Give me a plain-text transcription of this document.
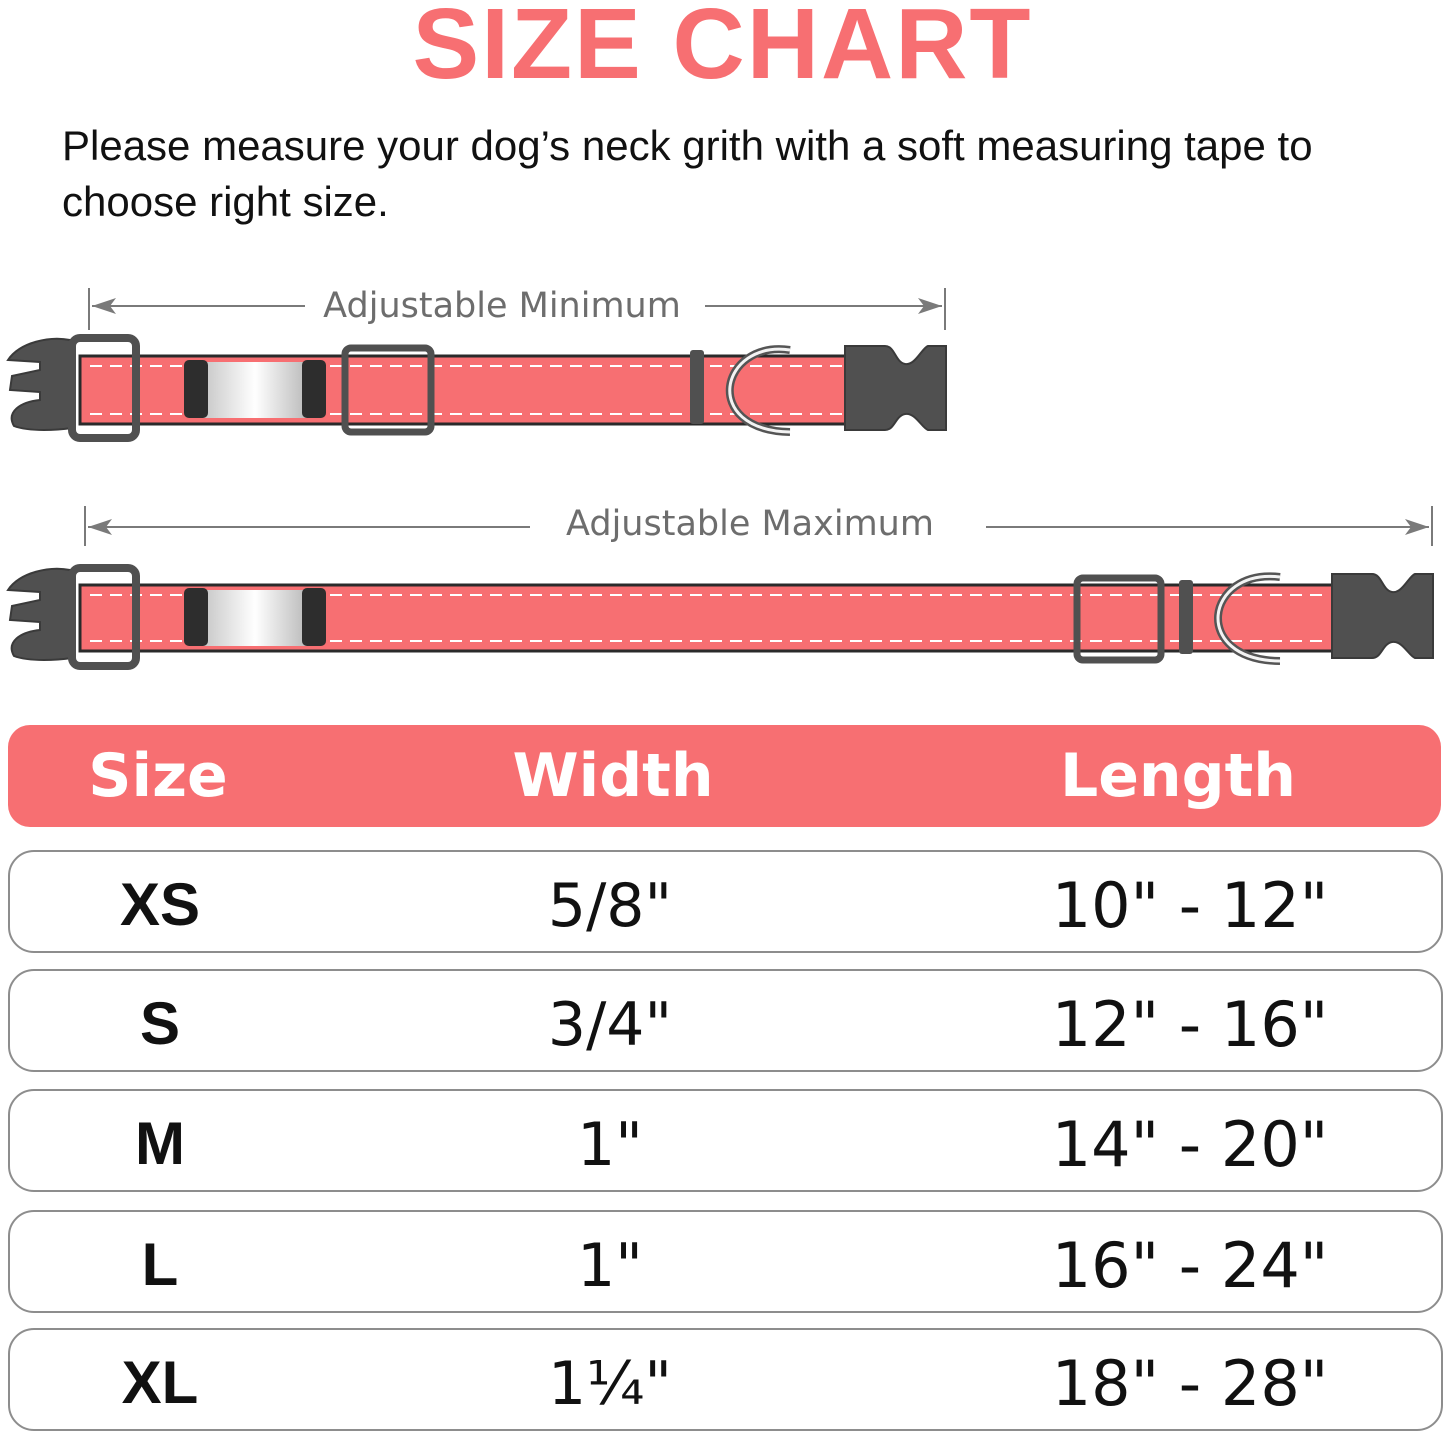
SIZE CHART
Please measure your dog’s neck grith with a soft measuring tape to choose right size.
Adjustable Minimum
Adjustable Maximum
Size	Width	Length
XS	5/8"	10" - 12"
S	3/4"	12" - 16"
M	1"	14" - 20"
L	1"	16" - 24"
XL	1¼"	18" - 28"
